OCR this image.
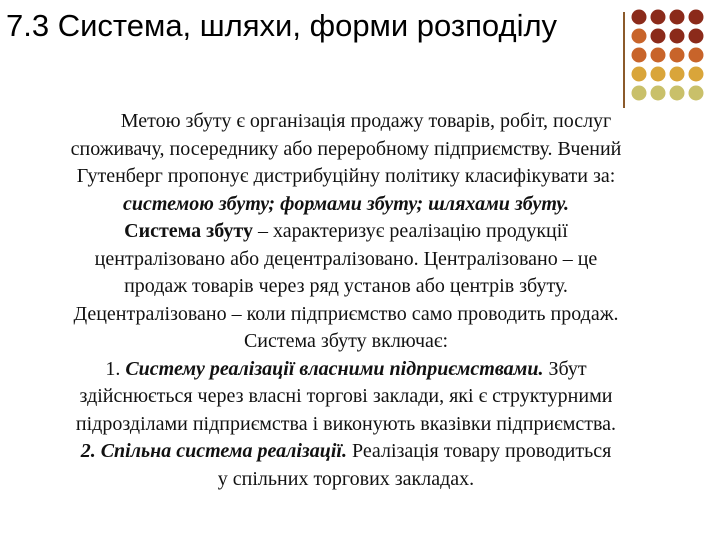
7.3 Система, шляхи, форми розподілу
Метою збуту є організація продажу товарів, робіт, послуг
споживачу, посереднику або переробному підприємству. Вчений
Гутенберг пропонує дистрибуційну політику класифікувати за:
системою збуту; формами збуту; шляхами збуту.
Система збуту – характеризує реалізацію продукції
централізовано або децентралізовано. Централізовано – це
продаж товарів через ряд установ або центрів збуту.
Децентралізовано – коли підприємство само проводить продаж.
Система збуту включає:
1. Систему реалізації власними підприємствами. Збут
здійснюється через власні торгові заклади, які є структурними
підрозділами підприємства і виконують вказівки підприємства.
2. Спільна система реалізації. Реалізація товару проводиться
у спільних торгових закладах.
